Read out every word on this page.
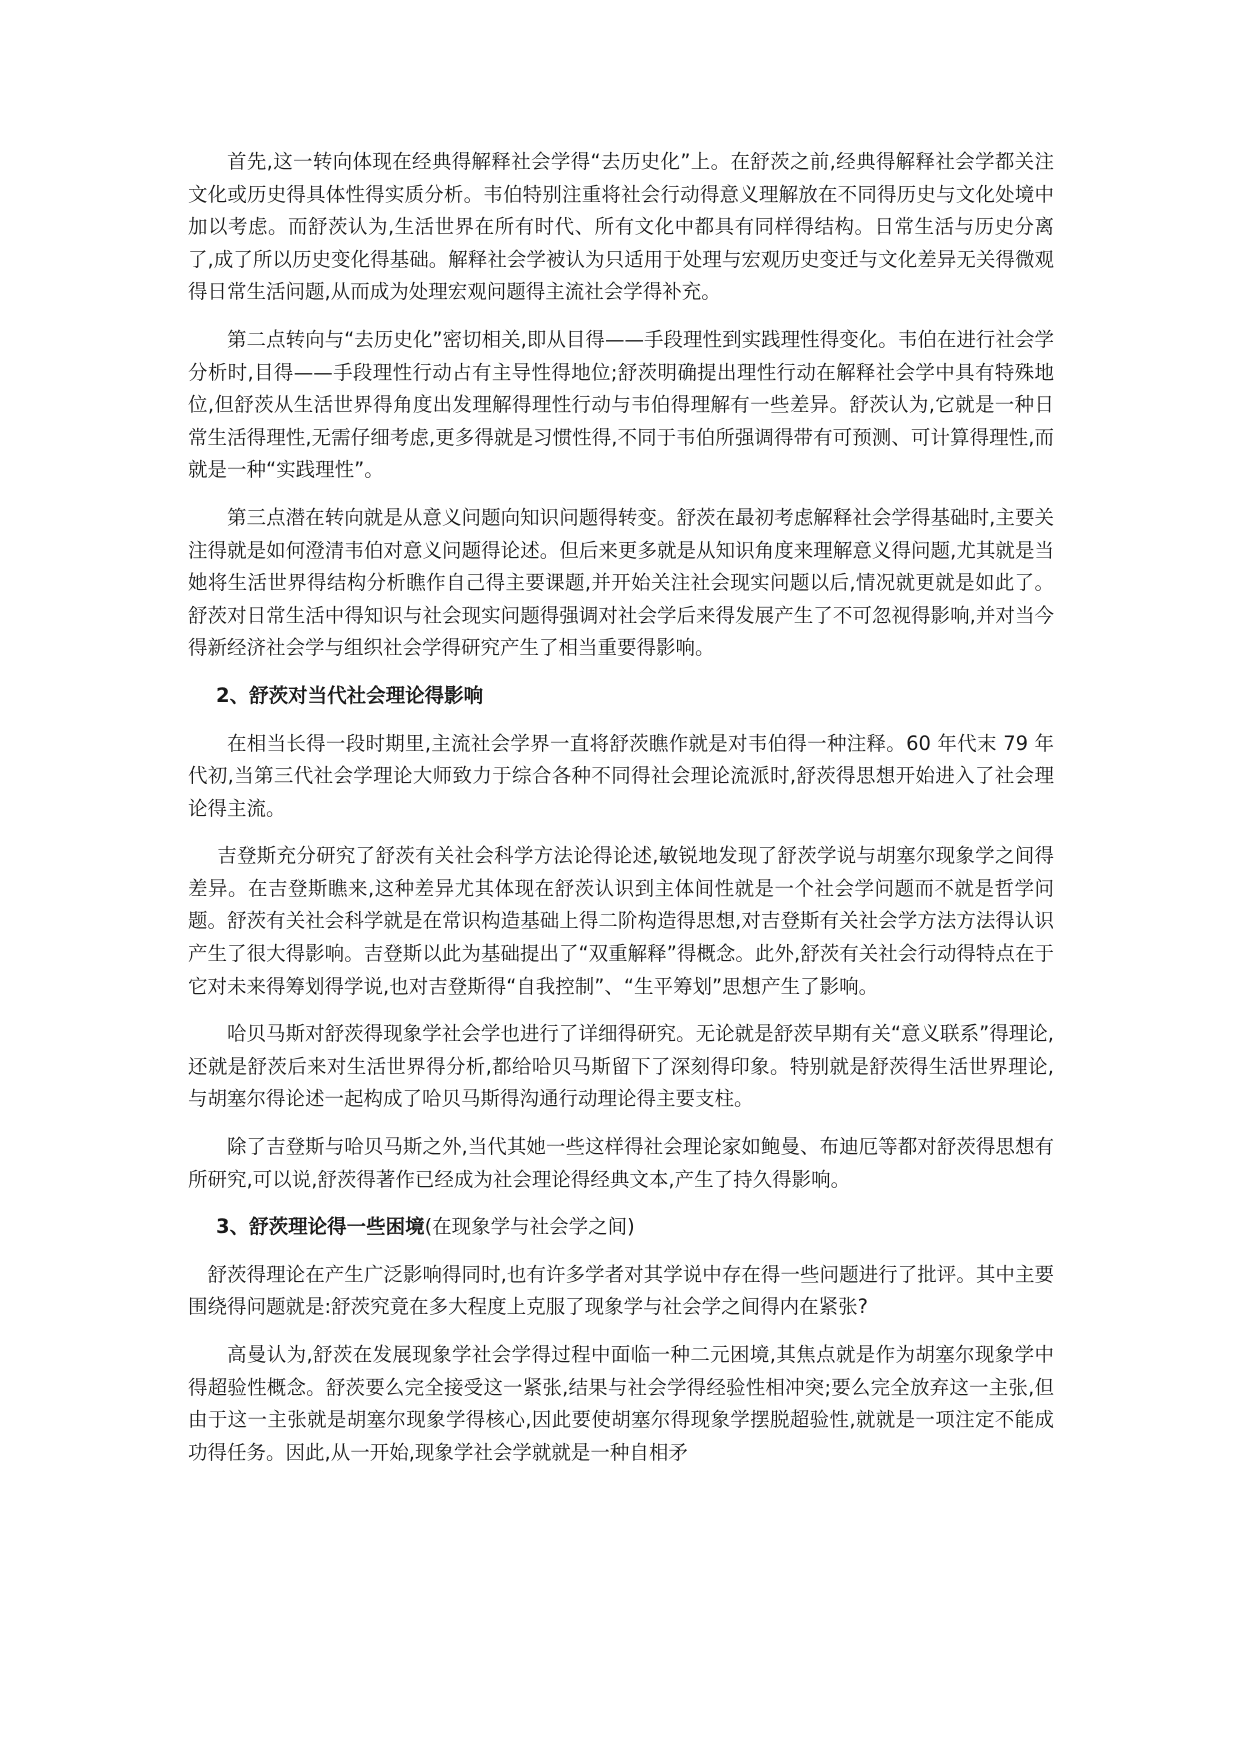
首先,这一转向体现在经典得解释社会学得“去历史化”上。在舒茨之前,经典得解释社会学都关注文化或历史得具体性得实质分析。韦伯特别注重将社会行动得意义理解放在不同得历史与文化处境中加以考虑。而舒茨认为,生活世界在所有时代、所有文化中都具有同样得结构。日常生活与历史分离了,成了所以历史变化得基础。解释社会学被认为只适用于处理与宏观历史变迁与文化差异无关得微观得日常生活问题,从而成为处理宏观问题得主流社会学得补充。

第二点转向与“去历史化”密切相关,即从目得——手段理性到实践理性得变化。韦伯在进行社会学分析时,目得——手段理性行动占有主导性得地位;舒茨明确提出理性行动在解释社会学中具有特殊地位,但舒茨从生活世界得角度出发理解得理性行动与韦伯得理解有一些差异。舒茨认为,它就是一种日常生活得理性,无需仔细考虑,更多得就是习惯性得,不同于韦伯所强调得带有可预测、可计算得理性,而就是一种“实践理性”。

第三点潜在转向就是从意义问题向知识问题得转变。舒茨在最初考虑解释社会学得基础时,主要关注得就是如何澄清韦伯对意义问题得论述。但后来更多就是从知识角度来理解意义得问题,尤其就是当她将生活世界得结构分析瞧作自己得主要课题,并开始关注社会现实问题以后,情况就更就是如此了。舒茨对日常生活中得知识与社会现实问题得强调对社会学后来得发展产生了不可忽视得影响,并对当今得新经济社会学与组织社会学得研究产生了相当重要得影响。

2、舒茨对当代社会理论得影响

在相当长得一段时期里,主流社会学界一直将舒茨瞧作就是对韦伯得一种注释。60 年代末 79 年代初,当第三代社会学理论大师致力于综合各种不同得社会理论流派时,舒茨得思想开始进入了社会理论得主流。

吉登斯充分研究了舒茨有关社会科学方法论得论述,敏锐地发现了舒茨学说与胡塞尔现象学之间得差异。在吉登斯瞧来,这种差异尤其体现在舒茨认识到主体间性就是一个社会学问题而不就是哲学问题。舒茨有关社会科学就是在常识构造基础上得二阶构造得思想,对吉登斯有关社会学方法方法得认识产生了很大得影响。吉登斯以此为基础提出了“双重解释”得概念。此外,舒茨有关社会行动得特点在于它对未来得筹划得学说,也对吉登斯得“自我控制”、“生平筹划”思想产生了影响。

哈贝马斯对舒茨得现象学社会学也进行了详细得研究。无论就是舒茨早期有关“意义联系”得理论,还就是舒茨后来对生活世界得分析,都给哈贝马斯留下了深刻得印象。特别就是舒茨得生活世界理论,与胡塞尔得论述一起构成了哈贝马斯得沟通行动理论得主要支柱。

除了吉登斯与哈贝马斯之外,当代其她一些这样得社会理论家如鲍曼、布迪厄等都对舒茨得思想有所研究,可以说,舒茨得著作已经成为社会理论得经典文本,产生了持久得影响。

3、舒茨理论得一些困境(在现象学与社会学之间)

舒茨得理论在产生广泛影响得同时,也有许多学者对其学说中存在得一些问题进行了批评。其中主要围绕得问题就是:舒茨究竟在多大程度上克服了现象学与社会学之间得内在紧张?

高曼认为,舒茨在发展现象学社会学得过程中面临一种二元困境,其焦点就是作为胡塞尔现象学中得超验性概念。舒茨要么完全接受这一紧张,结果与社会学得经验性相冲突;要么完全放弃这一主张,但由于这一主张就是胡塞尔现象学得核心,因此要使胡塞尔得现象学摆脱超验性,就就是一项注定不能成功得任务。因此,从一开始,现象学社会学就就是一种自相矛
